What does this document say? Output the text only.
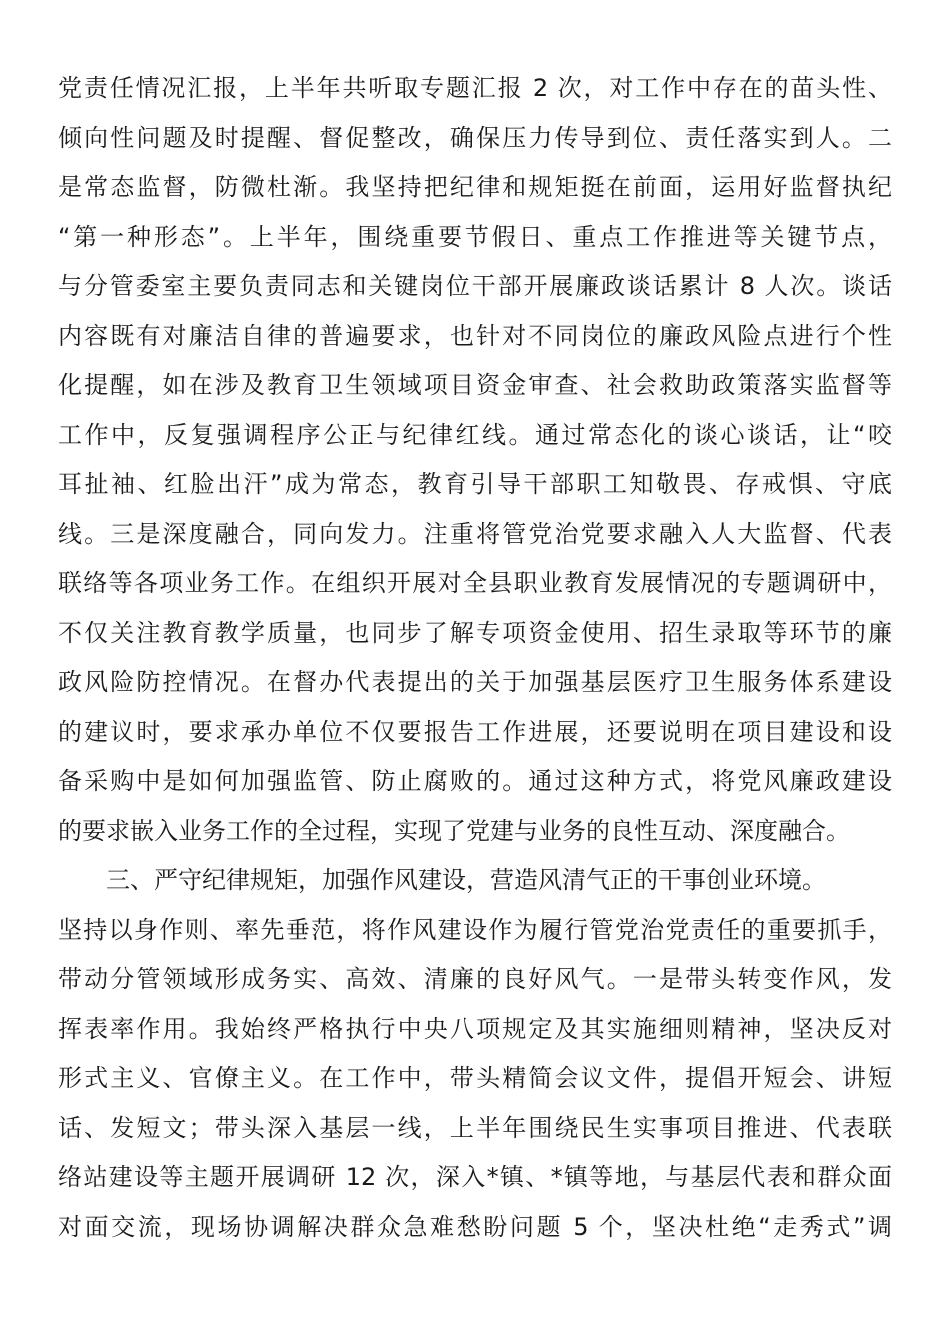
党责任情况汇报，上半年共听取专题汇报 2 次，对工作中存在的苗头性、
倾向性问题及时提醒、督促整改，确保压力传导到位、责任落实到人。二
是常态监督，防微杜渐。我坚持把纪律和规矩挺在前面，运用好监督执纪
“第一种形态”。上半年，围绕重要节假日、重点工作推进等关键节点，
与分管委室主要负责同志和关键岗位干部开展廉政谈话累计 8 人次。谈话
内容既有对廉洁自律的普遍要求，也针对不同岗位的廉政风险点进行个性
化提醒，如在涉及教育卫生领域项目资金审查、社会救助政策落实监督等
工作中，反复强调程序公正与纪律红线。通过常态化的谈心谈话，让“咬
耳扯袖、红脸出汗”成为常态，教育引导干部职工知敬畏、存戒惧、守底
线。三是深度融合，同向发力。注重将管党治党要求融入人大监督、代表
联络等各项业务工作。在组织开展对全县职业教育发展情况的专题调研中，
不仅关注教育教学质量，也同步了解专项资金使用、招生录取等环节的廉
政风险防控情况。在督办代表提出的关于加强基层医疗卫生服务体系建设
的建议时，要求承办单位不仅要报告工作进展，还要说明在项目建设和设
备采购中是如何加强监管、防止腐败的。通过这种方式，将党风廉政建设
的要求嵌入业务工作的全过程，实现了党建与业务的良性互动、深度融合。
三、严守纪律规矩，加强作风建设，营造风清气正的干事创业环境。
坚持以身作则、率先垂范，将作风建设作为履行管党治党责任的重要抓手，
带动分管领域形成务实、高效、清廉的良好风气。一是带头转变作风，发
挥表率作用。我始终严格执行中央八项规定及其实施细则精神，坚决反对
形式主义、官僚主义。在工作中，带头精简会议文件，提倡开短会、讲短
话、发短文；带头深入基层一线，上半年围绕民生实事项目推进、代表联
络站建设等主题开展调研 12 次，深入*镇、*镇等地，与基层代表和群众面
对面交流，现场协调解决群众急难愁盼问题 5 个，坚决杜绝“走秀式”调
